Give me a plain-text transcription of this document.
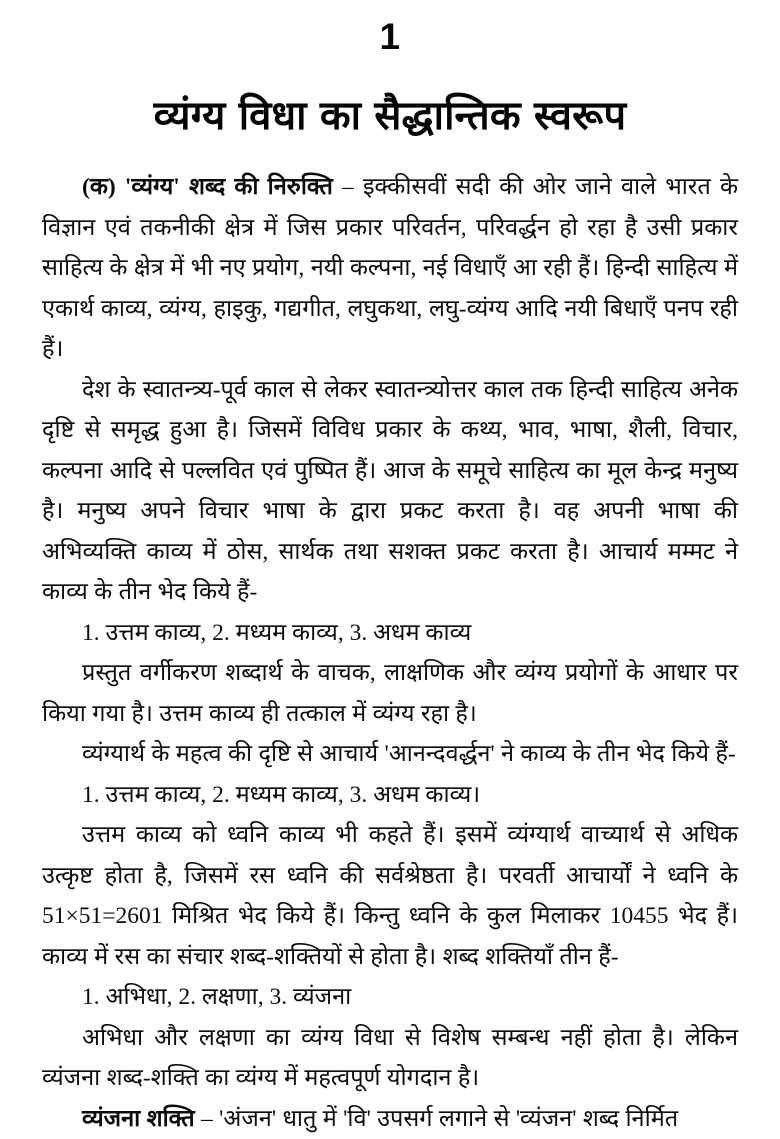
1
व्यंग्य विधा का सैद्धान्तिक स्वरूप

(क) 'व्यंग्य' शब्द की निरुक्ति – इक्कीसवीं सदी की ओर जाने वाले भारत के विज्ञान एवं तकनीकी क्षेत्र में जिस प्रकार परिवर्तन, परिवर्द्धन हो रहा है उसी प्रकार साहित्य के क्षेत्र में भी नए प्रयोग, नयी कल्पना, नई विधाएँ आ रही हैं। हिन्दी साहित्य में एकार्थ काव्य, व्यंग्य, हाइकु, गद्यगीत, लघुकथा, लघु-व्यंग्य आदि नयी बिधाएँ पनप रही हैं।

देश के स्वातन्त्र्य-पूर्व काल से लेकर स्वातन्त्र्योत्तर काल तक हिन्दी साहित्य अनेक दृष्टि से समृद्ध हुआ है। जिसमें विविध प्रकार के कथ्य, भाव, भाषा, शैली, विचार, कल्पना आदि से पल्लवित एवं पुष्पित हैं। आज के समूचे साहित्य का मूल केन्द्र मनुष्य है। मनुष्य अपने विचार भाषा के द्वारा प्रकट करता है। वह अपनी भाषा की अभिव्यक्ति काव्य में ठोस, सार्थक तथा सशक्त प्रकट करता है। आचार्य मम्मट ने काव्य के तीन भेद किये हैं-

1. उत्तम काव्य, 2. मध्यम काव्य, 3. अधम काव्य

प्रस्तुत वर्गीकरण शब्दार्थ के वाचक, लाक्षणिक और व्यंग्य प्रयोगों के आधार पर किया गया है। उत्तम काव्य ही तत्काल में व्यंग्य रहा है।

व्यंग्यार्थ के महत्व की दृष्टि से आचार्य 'आनन्दवर्द्धन' ने काव्य के तीन भेद किये हैं-

1. उत्तम काव्य, 2. मध्यम काव्य, 3. अधम काव्य।

उत्तम काव्य को ध्वनि काव्य भी कहते हैं। इसमें व्यंग्यार्थ वाच्यार्थ से अधिक उत्कृष्ट होता है, जिसमें रस ध्वनि की सर्वश्रेष्ठता है। परवर्ती आचार्यों ने ध्वनि के 51×51=2601 मिश्रित भेद किये हैं। किन्तु ध्वनि के कुल मिलाकर 10455 भेद हैं। काव्य में रस का संचार शब्द-शक्तियों से होता है। शब्द शक्तियाँ तीन हैं-

1. अभिधा, 2. लक्षणा, 3. व्यंजना

अभिधा और लक्षणा का व्यंग्य विधा से विशेष सम्बन्ध नहीं होता है। लेकिन व्यंजना शब्द-शक्ति का व्यंग्य में महत्वपूर्ण योगदान है।

व्यंजना शक्ति – 'अंजन' धातु में 'वि' उपसर्ग लगाने से 'व्यंजन' शब्द निर्मित
